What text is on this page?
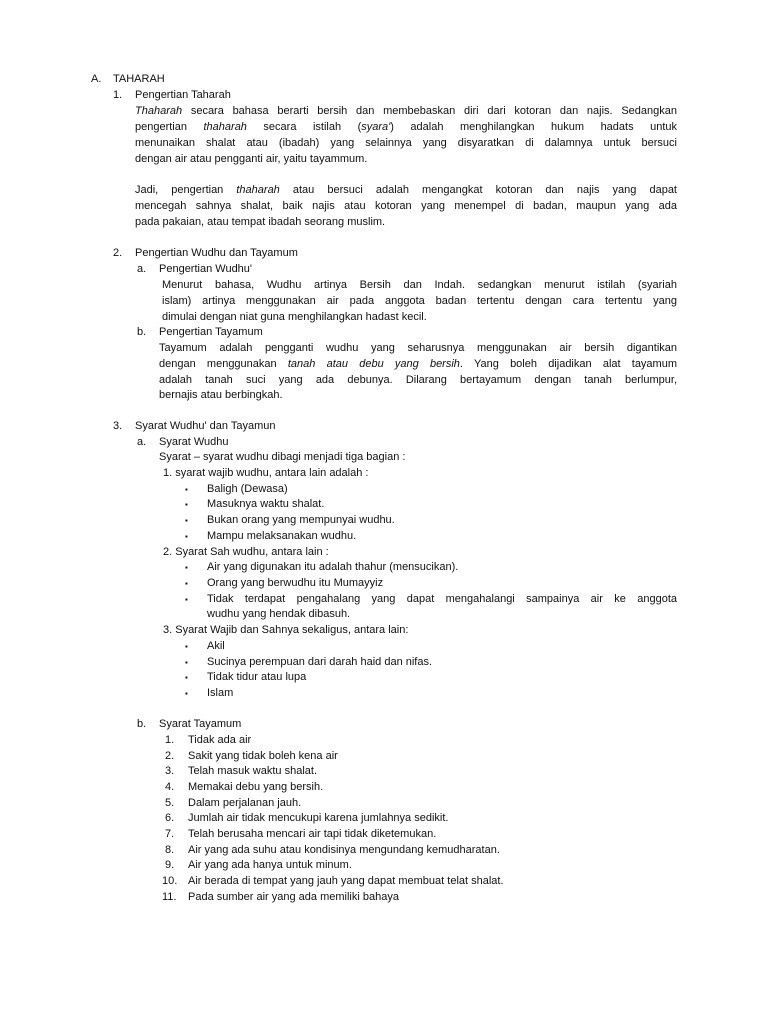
A. TAHARAH
1. Pengertian Taharah
Thaharah secara bahasa berarti bersih dan membebaskan diri dari kotoran dan najis. Sedangkan
pengertian thaharah secara istilah (syara') adalah menghilangkan hukum hadats untuk
menunaikan shalat atau (ibadah) yang selainnya yang disyaratkan di dalamnya untuk bersuci
dengan air atau pengganti air, yaitu tayammum.
Jadi, pengertian thaharah atau bersuci adalah mengangkat kotoran dan najis yang dapat
mencegah sahnya shalat, baik najis atau kotoran yang menempel di badan, maupun yang ada
pada pakaian, atau tempat ibadah seorang muslim.
2. Pengertian Wudhu dan Tayamum
a. Pengertian Wudhu'
Menurut bahasa, Wudhu artinya Bersih dan Indah. sedangkan menurut istilah (syariah
islam) artinya menggunakan air pada anggota badan tertentu dengan cara tertentu yang
dimulai dengan niat guna menghilangkan hadast kecil.
b. Pengertian Tayamum
Tayamum adalah pengganti wudhu yang seharusnya menggunakan air bersih digantikan
dengan menggunakan tanah atau debu yang bersih. Yang boleh dijadikan alat tayamum
adalah tanah suci yang ada debunya. Dilarang bertayamum dengan tanah berlumpur,
bernajis atau berbingkah.
3. Syarat Wudhu' dan Tayamun
a. Syarat Wudhu
Syarat – syarat wudhu dibagi menjadi tiga bagian :
1. syarat wajib wudhu, antara lain adalah :
▪ Baligh (Dewasa)
▪ Masuknya waktu shalat.
▪ Bukan orang yang mempunyai wudhu.
▪ Mampu melaksanakan wudhu.
2. Syarat Sah wudhu, antara lain :
▪ Air yang digunakan itu adalah thahur (mensucikan).
▪ Orang yang berwudhu itu Mumayyiz
▪ Tidak terdapat pengahalang yang dapat mengahalangi sampainya air ke anggota
wudhu yang hendak dibasuh.
3. Syarat Wajib dan Sahnya sekaligus, antara lain:
▪ Akil
▪ Sucinya perempuan dari darah haid dan nifas.
▪ Tidak tidur atau lupa
▪ Islam
b. Syarat Tayamum
1. Tidak ada air
2. Sakit yang tidak boleh kena air
3. Telah masuk waktu shalat.
4. Memakai debu yang bersih.
5. Dalam perjalanan jauh.
6. Jumlah air tidak mencukupi karena jumlahnya sedikit.
7. Telah berusaha mencari air tapi tidak diketemukan.
8. Air yang ada suhu atau kondisinya mengundang kemudharatan.
9. Air yang ada hanya untuk minum.
10. Air berada di tempat yang jauh yang dapat membuat telat shalat.
11. Pada sumber air yang ada memiliki bahaya
